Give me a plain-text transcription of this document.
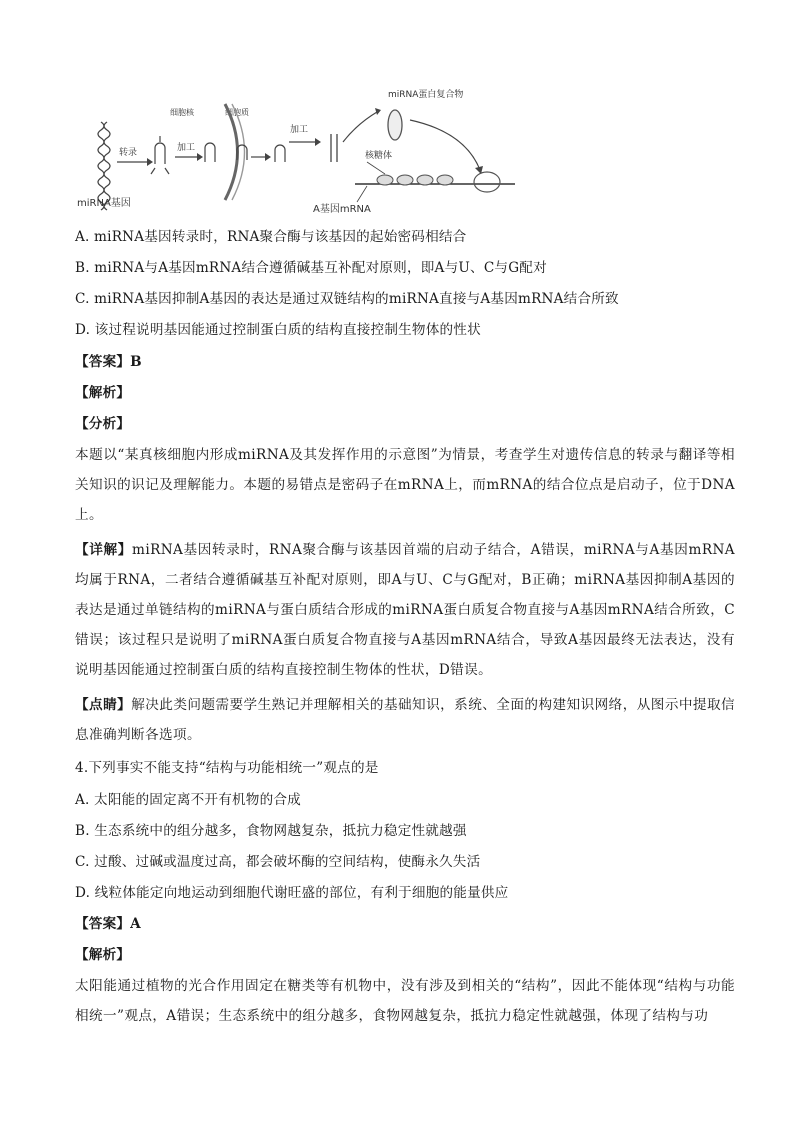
miRNA基因
转录	加工
细胞核	细胞质
加工
miRNA蛋白复合物
核糖体
A基因mRNA
A. miRNA基因转录时，RNA聚合酶与该基因的起始密码相结合
B. miRNA与A基因mRNA结合遵循碱基互补配对原则，即A与U、C与G配对
C. miRNA基因抑制A基因的表达是通过双链结构的miRNA直接与A基因mRNA结合所致
D. 该过程说明基因能通过控制蛋白质的结构直接控制生物体的性状
【答案】B
【解析】
【分析】
本题以“某真核细胞内形成miRNA及其发挥作用的示意图”为情景，考查学生对遗传信息的转录与翻译等相关知识的识记及理解能力。本题的易错点是密码子在mRNA上，而mRNA的结合位点是启动子，位于DNA上。
【详解】miRNA基因转录时，RNA聚合酶与该基因首端的启动子结合，A错误，miRNA与A基因mRNA均属于RNA，二者结合遵循碱基互补配对原则，即A与U、C与G配对，B正确；miRNA基因抑制A基因的表达是通过单链结构的miRNA与蛋白质结合形成的miRNA蛋白质复合物直接与A基因mRNA结合所致，C错误；该过程只是说明了miRNA蛋白质复合物直接与A基因mRNA结合，导致A基因最终无法表达，没有说明基因能通过控制蛋白质的结构直接控制生物体的性状，D错误。
【点睛】解决此类问题需要学生熟记并理解相关的基础知识，系统、全面的构建知识网络，从图示中提取信息准确判断各选项。
4.下列事实不能支持“结构与功能相统一”观点的是
A. 太阳能的固定离不开有机物的合成
B. 生态系统中的组分越多，食物网越复杂，抵抗力稳定性就越强
C. 过酸、过碱或温度过高，都会破坏酶的空间结构，使酶永久失活
D. 线粒体能定向地运动到细胞代谢旺盛的部位，有利于细胞的能量供应
【答案】A
【解析】
太阳能通过植物的光合作用固定在糖类等有机物中，没有涉及到相关的“结构”，因此不能体现“结构与功能相统一”观点，A错误；生态系统中的组分越多，食物网越复杂，抵抗力稳定性就越强，体现了结构与功
